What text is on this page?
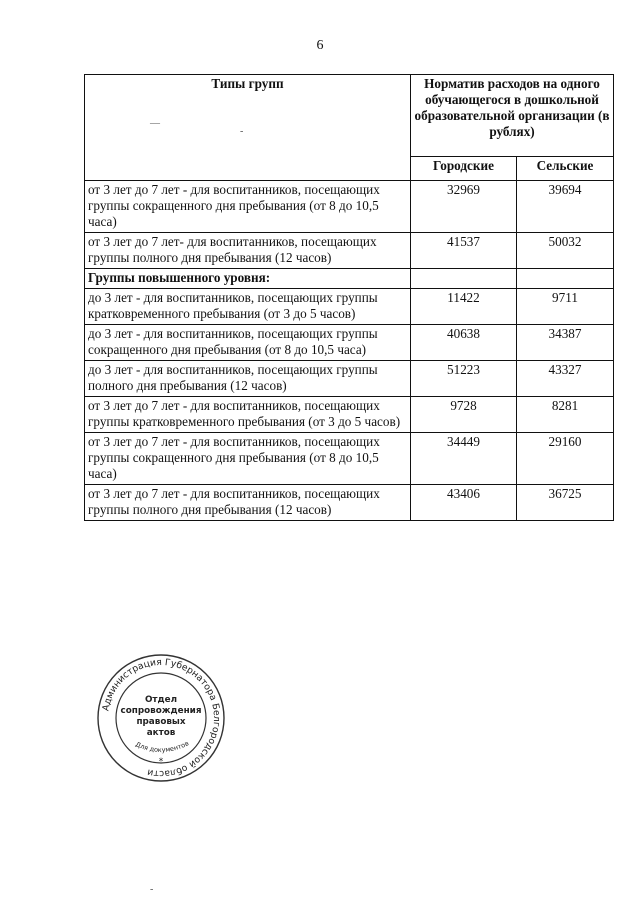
6
Типы групп	Норматив расходов на одного обучающегося в дошкольной образовательной организации (в рублях)	
	Городские	Сельские
от 3 лет до 7 лет - для воспитанников, посещающих группы сокращенного дня пребывания (от 8 до 10,5 часа)	32969	39694
от 3 лет до 7 лет- для воспитанников, посещающих группы полного дня пребывания (12 часов)	41537	50032
Группы повышенного уровня:		
до 3 лет - для воспитанников, посещающих группы кратковременного пребывания (от 3 до 5 часов)	11422	9711
до 3 лет - для воспитанников, посещающих группы сокращенного дня пребывания (от 8 до 10,5 часа)	40638	34387
до 3 лет - для воспитанников, посещающих группы полного дня пребывания (12 часов)	51223	43327
от 3 лет до 7 лет - для воспитанников, посещающих группы кратковременного пребывания (от 3 до 5 часов)	9728	8281
от 3 лет до 7 лет - для воспитанников, посещающих группы сокращенного дня пребывания (от 8 до 10,5 часа)	34449	29160
от 3 лет до 7 лет - для воспитанников, посещающих группы полного дня пребывания (12 часов)	43406	36725
Администрация Губернатора Белгородской области
Отдел
сопровождения
правовых
актов
Для документов
*
—
-
-
